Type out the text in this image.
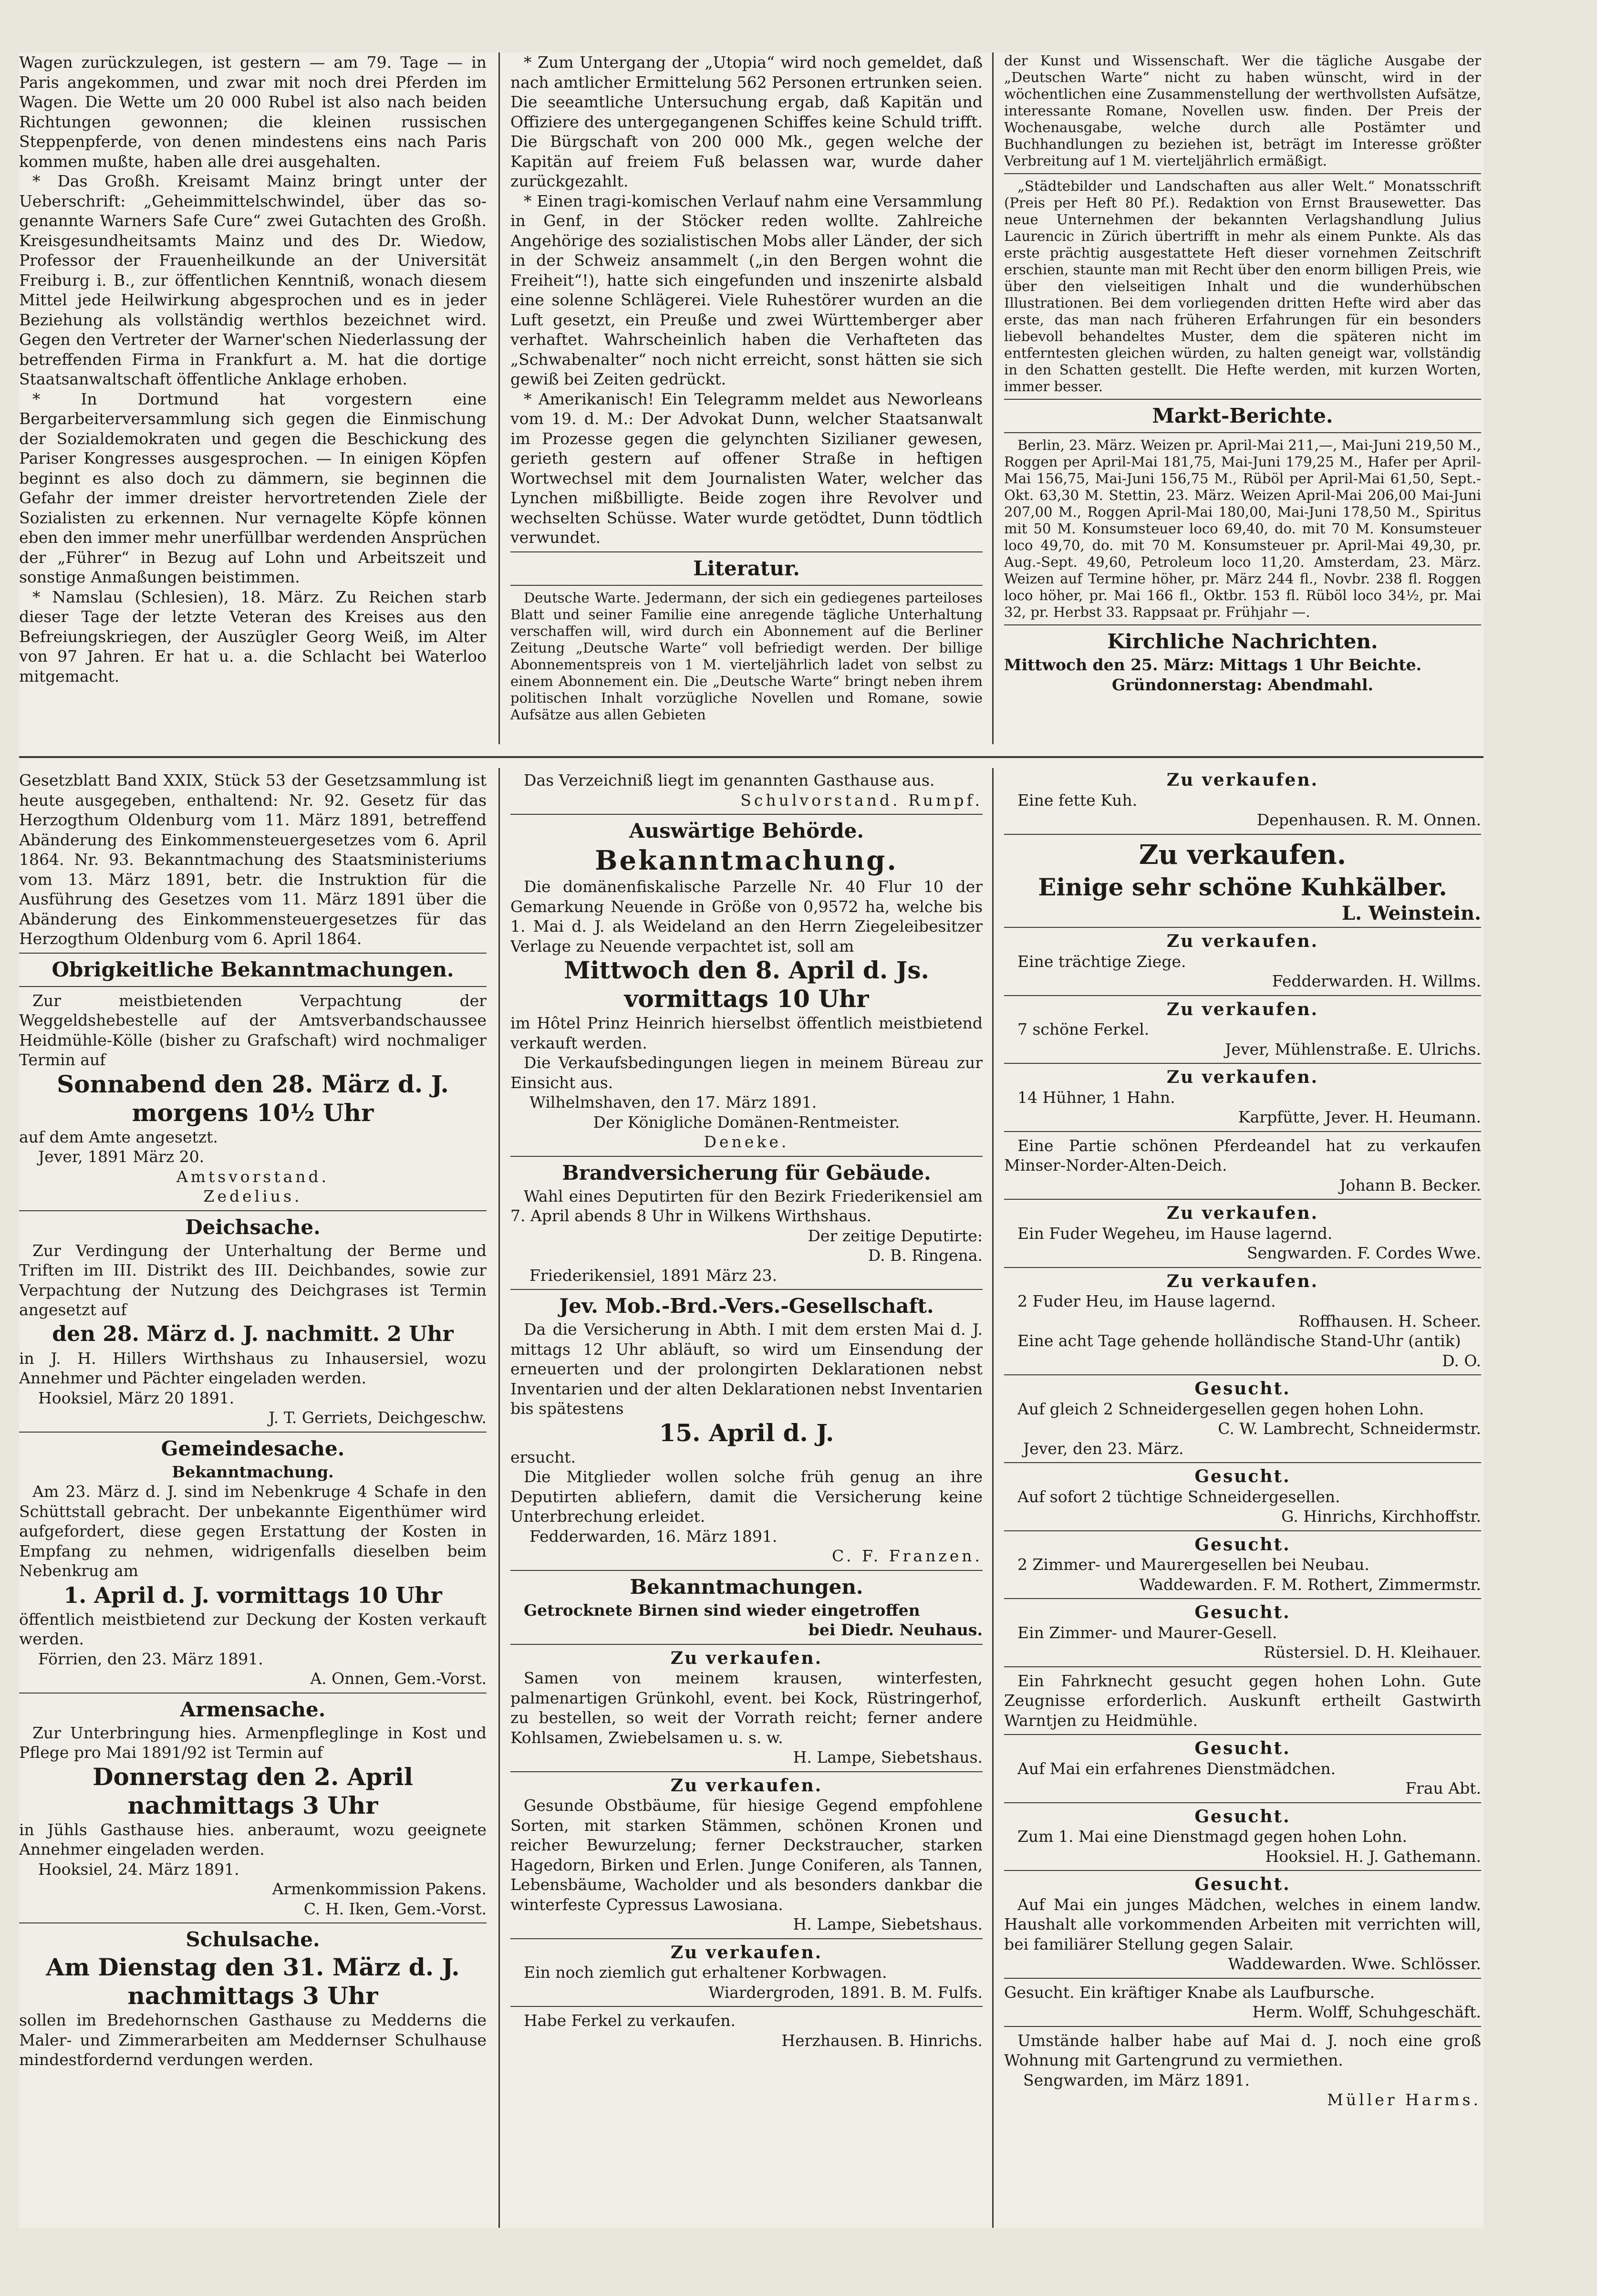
Wagen zurückzulegen, ist gestern — am 79. Tage — in Paris angekommen, und zwar mit noch drei Pferden im Wagen. Die Wette um 20 000 Rubel ist also nach beiden Richtungen gewonnen; die kleinen russischen Steppenpferde, von denen mindestens eins nach Paris kommen mußte, haben alle drei ausgehalten.

* Das Großh. Kreisamt Mainz bringt unter der Ueberschrift: „Geheimmittelschwindel, über das so-genannte Warners Safe Cure“ zwei Gutachten des Großh. Kreisgesundheitsamts Mainz und des Dr. Wiedow, Professor der Frauenheilkunde an der Universität Freiburg i. B., zur öffentlichen Kenntniß, wonach diesem Mittel jede Heilwirkung abgesprochen und es in jeder Beziehung als vollständig werthlos bezeichnet wird. Gegen den Vertreter der Warner'schen Niederlassung der betreffenden Firma in Frankfurt a. M. hat die dortige Staatsanwaltschaft öffentliche Anklage erhoben.

* In Dortmund hat vorgestern eine Bergarbeiterversammlung sich gegen die Einmischung der Sozialdemokraten und gegen die Beschickung des Pariser Kongresses ausgesprochen. — In einigen Köpfen beginnt es also doch zu dämmern, sie beginnen die Gefahr der immer dreister hervortretenden Ziele der Sozialisten zu erkennen. Nur vernagelte Köpfe können eben den immer mehr unerfüllbar werdenden Ansprüchen der „Führer“ in Bezug auf Lohn und Arbeitszeit und sonstige Anmaßungen beistimmen.

* Namslau (Schlesien), 18. März. Zu Reichen starb dieser Tage der letzte Veteran des Kreises aus den Befreiungskriegen, der Auszügler Georg Weiß, im Alter von 97 Jahren. Er hat u. a. die Schlacht bei Waterloo mitgemacht.

* Zum Untergang der „Utopia“ wird noch gemeldet, daß nach amtlicher Ermittelung 562 Personen ertrunken seien. Die seeamtliche Untersuchung ergab, daß Kapitän und Offiziere des untergegangenen Schiffes keine Schuld trifft. Die Bürgschaft von 200 000 Mk., gegen welche der Kapitän auf freiem Fuß belassen war, wurde daher zurückgezahlt.

* Einen tragi-komischen Verlauf nahm eine Versammlung in Genf, in der Stöcker reden wollte. Zahlreiche Angehörige des sozialistischen Mobs aller Länder, der sich in der Schweiz ansammelt („in den Bergen wohnt die Freiheit“!), hatte sich eingefunden und inszenirte alsbald eine solenne Schlägerei. Viele Ruhestörer wurden an die Luft gesetzt, ein Preuße und zwei Württemberger aber verhaftet. Wahrscheinlich haben die Verhafteten das „Schwabenalter“ noch nicht erreicht, sonst hätten sie sich gewiß bei Zeiten gedrückt.

* Amerikanisch! Ein Telegramm meldet aus Neworleans vom 19. d. M.: Der Advokat Dunn, welcher Staatsanwalt im Prozesse gegen die gelynchten Sizilianer gewesen, gerieth gestern auf offener Straße in heftigen Wortwechsel mit dem Journalisten Water, welcher das Lynchen mißbilligte. Beide zogen ihre Revolver und wechselten Schüsse. Water wurde getödtet, Dunn tödtlich verwundet.

Literatur.

Deutsche Warte. Jedermann, der sich ein gediegenes parteiloses Blatt und seiner Familie eine anregende tägliche Unterhaltung verschaffen will, wird durch ein Abonnement auf die Berliner Zeitung „Deutsche Warte“ voll befriedigt werden. Der billige Abonnementspreis von 1 M. vierteljährlich ladet von selbst zu einem Abonnement ein. Die „Deutsche Warte“ bringt neben ihrem politischen Inhalt vorzügliche Novellen und Romane, sowie Aufsätze aus allen Gebieten

der Kunst und Wissenschaft. Wer die tägliche Ausgabe der „Deutschen Warte“ nicht zu haben wünscht, wird in der wöchentlichen eine Zusammenstellung der werthvollsten Aufsätze, interessante Romane, Novellen usw. finden. Der Preis der Wochenausgabe, welche durch alle Postämter und Buchhandlungen zu beziehen ist, beträgt im Interesse größter Verbreitung auf 1 M. vierteljährlich ermäßigt.

„Städtebilder und Landschaften aus aller Welt.“ Monatsschrift (Preis per Heft 80 Pf.). Redaktion von Ernst Brausewetter. Das neue Unternehmen der bekannten Verlagshandlung Julius Laurencic in Zürich übertrifft in mehr als einem Punkte. Als das erste prächtig ausgestattete Heft dieser vornehmen Zeitschrift erschien, staunte man mit Recht über den enorm billigen Preis, wie über den vielseitigen Inhalt und die wunderhübschen Illustrationen. Bei dem vorliegenden dritten Hefte wird aber das erste, das man nach früheren Erfahrungen für ein besonders liebevoll behandeltes Muster, dem die späteren nicht im entferntesten gleichen würden, zu halten geneigt war, vollständig in den Schatten gestellt. Die Hefte werden, mit kurzen Worten, immer besser.

Markt-Berichte.

Berlin, 23. März. Weizen pr. April-Mai 211,—, Mai-Juni 219,50 M., Roggen per April-Mai 181,75, Mai-Juni 179,25 M., Hafer per April-Mai 156,75, Mai-Juni 156,75 M., Rüböl per April-Mai 61,50, Sept.-Okt. 63,30 M. Stettin, 23. März. Weizen April-Mai 206,00 Mai-Juni 207,00 M., Roggen April-Mai 180,00, Mai-Juni 178,50 M., Spiritus mit 50 M. Konsumsteuer loco 69,40, do. mit 70 M. Konsumsteuer loco 49,70, do. mit 70 M. Konsumsteuer pr. April-Mai 49,30, pr. Aug.-Sept. 49,60, Petroleum loco 11,20. Amsterdam, 23. März. Weizen auf Termine höher, pr. März 244 fl., Novbr. 238 fl. Roggen loco höher, pr. Mai 166 fl., Oktbr. 153 fl. Rüböl loco 34½, pr. Mai 32, pr. Herbst 33. Rappsaat pr. Frühjahr —.

Kirchliche Nachrichten.
Mittwoch den 25. März: Mittags 1 Uhr Beichte.
Gründonnerstag: Abendmahl.

Gesetzblatt Band XXIX, Stück 53 der Gesetzsammlung ist heute ausgegeben, enthaltend: Nr. 92. Gesetz für das Herzogthum Oldenburg vom 11. März 1891, betreffend Abänderung des Einkommensteuergesetzes vom 6. April 1864. Nr. 93. Bekanntmachung des Staatsministeriums vom 13. März 1891, betr. die Instruktion für die Ausführung des Gesetzes vom 11. März 1891 über die Abänderung des Einkommensteuergesetzes für das Herzogthum Oldenburg vom 6. April 1864.

Obrigkeitliche Bekanntmachungen.

Zur meistbietenden Verpachtung der Weggeldshebestelle auf der Amtsverbandschaussee Heidmühle-Kölle (bisher zu Grafschaft) wird nochmaliger Termin auf

Sonnabend den 28. März d. J. morgens 10½ Uhr

auf dem Amte angesetzt.

Jever, 1891 März 20.
Amtsvorstand.
Zedelius.
Deichsache.

Zur Verdingung der Unterhaltung der Berme und Triften im III. Distrikt des III. Deichbandes, sowie zur Verpachtung der Nutzung des Deichgrases ist Termin angesetzt auf

den 28. März d. J. nachmitt. 2 Uhr

in J. H. Hillers Wirthshaus zu Inhausersiel, wozu Annehmer und Pächter eingeladen werden.

Hooksiel, März 20 1891.
J. T. Gerriets, Deichgeschw.
Gemeindesache.
Bekanntmachung.

Am 23. März d. J. sind im Nebenkruge 4 Schafe in den Schüttstall gebracht. Der unbekannte Eigenthümer wird aufgefordert, diese gegen Erstattung der Kosten in Empfang zu nehmen, widrigenfalls dieselben beim Nebenkrug am

1. April d. J. vormittags 10 Uhr

öffentlich meistbietend zur Deckung der Kosten verkauft werden.

Förrien, den 23. März 1891.
A. Onnen, Gem.-Vorst.
Armensache.

Zur Unterbringung hies. Armenpfleglinge in Kost und Pflege pro Mai 1891/92 ist Termin auf

Donnerstag den 2. April nachmittags 3 Uhr

in Jühls Gasthause hies. anberaumt, wozu geeignete Annehmer eingeladen werden.

Hooksiel, 24. März 1891.
Armenkommission Pakens.
C. H. Iken, Gem.-Vorst.
Schulsache.
Am Dienstag den 31. März d. J. nachmittags 3 Uhr

sollen im Bredehornschen Gasthause zu Medderns die Maler- und Zimmerarbeiten am Meddernser Schulhause mindestfordernd verdungen werden.

Das Verzeichniß liegt im genannten Gasthause aus.

Schulvorstand. Rumpf.
Auswärtige Behörde.
Bekanntmachung.

Die domänenfiskalische Parzelle Nr. 40 Flur 10 der Gemarkung Neuende in Größe von 0,9572 ha, welche bis 1. Mai d. J. als Weideland an den Herrn Ziegeleibesitzer Verlage zu Neuende verpachtet ist, soll am

Mittwoch den 8. April d. Js. vormittags 10 Uhr

im Hôtel Prinz Heinrich hierselbst öffentlich meistbietend verkauft werden.

Die Verkaufsbedingungen liegen in meinem Büreau zur Einsicht aus.

Wilhelmshaven, den 17. März 1891.
Der Königliche Domänen-Rentmeister.
Deneke.
Brandversicherung für Gebäude.

Wahl eines Deputirten für den Bezirk Friederikensiel am 7. April abends 8 Uhr in Wilkens Wirthshaus.

Der zeitige Deputirte:
D. B. Ringena.
Friederikensiel, 1891 März 23.
Jev. Mob.-Brd.-Vers.-Gesellschaft.

Da die Versicherung in Abth. I mit dem ersten Mai d. J. mittags 12 Uhr abläuft, so wird um Einsendung der erneuerten und der prolongirten Deklarationen nebst Inventarien und der alten Deklarationen nebst Inventarien bis spätestens

15. April d. J.

ersucht.

Die Mitglieder wollen solche früh genug an ihre Deputirten abliefern, damit die Versicherung keine Unterbrechung erleidet.

Fedderwarden, 16. März 1891.
C. F. Franzen.
Bekanntmachungen.

Getrocknete Birnen sind wieder eingetroffen

bei Diedr. Neuhaus.
Zu verkaufen.

Samen von meinem krausen, winterfesten, palmenartigen Grünkohl, event. bei Kock, Rüstringerhof, zu bestellen, so weit der Vorrath reicht; ferner andere Kohlsamen, Zwiebelsamen u. s. w.

H. Lampe, Siebetshaus.
Zu verkaufen.

Gesunde Obstbäume, für hiesige Gegend empfohlene Sorten, mit starken Stämmen, schönen Kronen und reicher Bewurzelung; ferner Deckstraucher, starken Hagedorn, Birken und Erlen. Junge Coniferen, als Tannen, Lebensbäume, Wacholder und als besonders dankbar die winterfeste Cypressus Lawosiana.

H. Lampe, Siebetshaus.
Zu verkaufen.

Ein noch ziemlich gut erhaltener Korbwagen.

Wiardergroden, 1891. B. M. Fulfs.

Habe Ferkel zu verkaufen.

Herzhausen. B. Hinrichs.
Zu verkaufen.

Eine fette Kuh.

Depenhausen. R. M. Onnen.
Zu verkaufen.
Einige sehr schöne Kuhkälber.
L. Weinstein.
Zu verkaufen.

Eine trächtige Ziege.

Fedderwarden. H. Willms.
Zu verkaufen.

7 schöne Ferkel.

Jever, Mühlenstraße. E. Ulrichs.
Zu verkaufen.

14 Hühner, 1 Hahn.

Karpfütte, Jever. H. Heumann.

Eine Partie schönen Pferdeandel hat zu verkaufen Minser-Norder-Alten-Deich.

Johann B. Becker.
Zu verkaufen.

Ein Fuder Wegeheu, im Hause lagernd.

Sengwarden. F. Cordes Wwe.
Zu verkaufen.

2 Fuder Heu, im Hause lagernd.

Roffhausen. H. Scheer.

Eine acht Tage gehende holländische Stand-Uhr (antik)

D. O.
Gesucht.

Auf gleich 2 Schneidergesellen gegen hohen Lohn.

C. W. Lambrecht, Schneidermstr.
Jever, den 23. März.
Gesucht.

Auf sofort 2 tüchtige Schneidergesellen.

G. Hinrichs, Kirchhoffstr.
Gesucht.

2 Zimmer- und Maurergesellen bei Neubau.

Waddewarden. F. M. Rothert, Zimmermstr.
Gesucht.

Ein Zimmer- und Maurer-Gesell.

Rüstersiel. D. H. Kleihauer.

Ein Fahrknecht gesucht gegen hohen Lohn. Gute Zeugnisse erforderlich. Auskunft ertheilt Gastwirth Warntjen zu Heidmühle.

Gesucht.

Auf Mai ein erfahrenes Dienstmädchen.

Frau Abt.
Gesucht.

Zum 1. Mai eine Dienstmagd gegen hohen Lohn.

Hooksiel. H. J. Gathemann.
Gesucht.

Auf Mai ein junges Mädchen, welches in einem landw. Haushalt alle vorkommenden Arbeiten mit verrichten will, bei familiärer Stellung gegen Salair.

Waddewarden. Wwe. Schlösser.

Gesucht. Ein kräftiger Knabe als Laufbursche.

Herm. Wolff, Schuhgeschäft.

Umstände halber habe auf Mai d. J. noch eine groß Wohnung mit Gartengrund zu vermiethen.

Sengwarden, im März 1891.
Müller Harms.
